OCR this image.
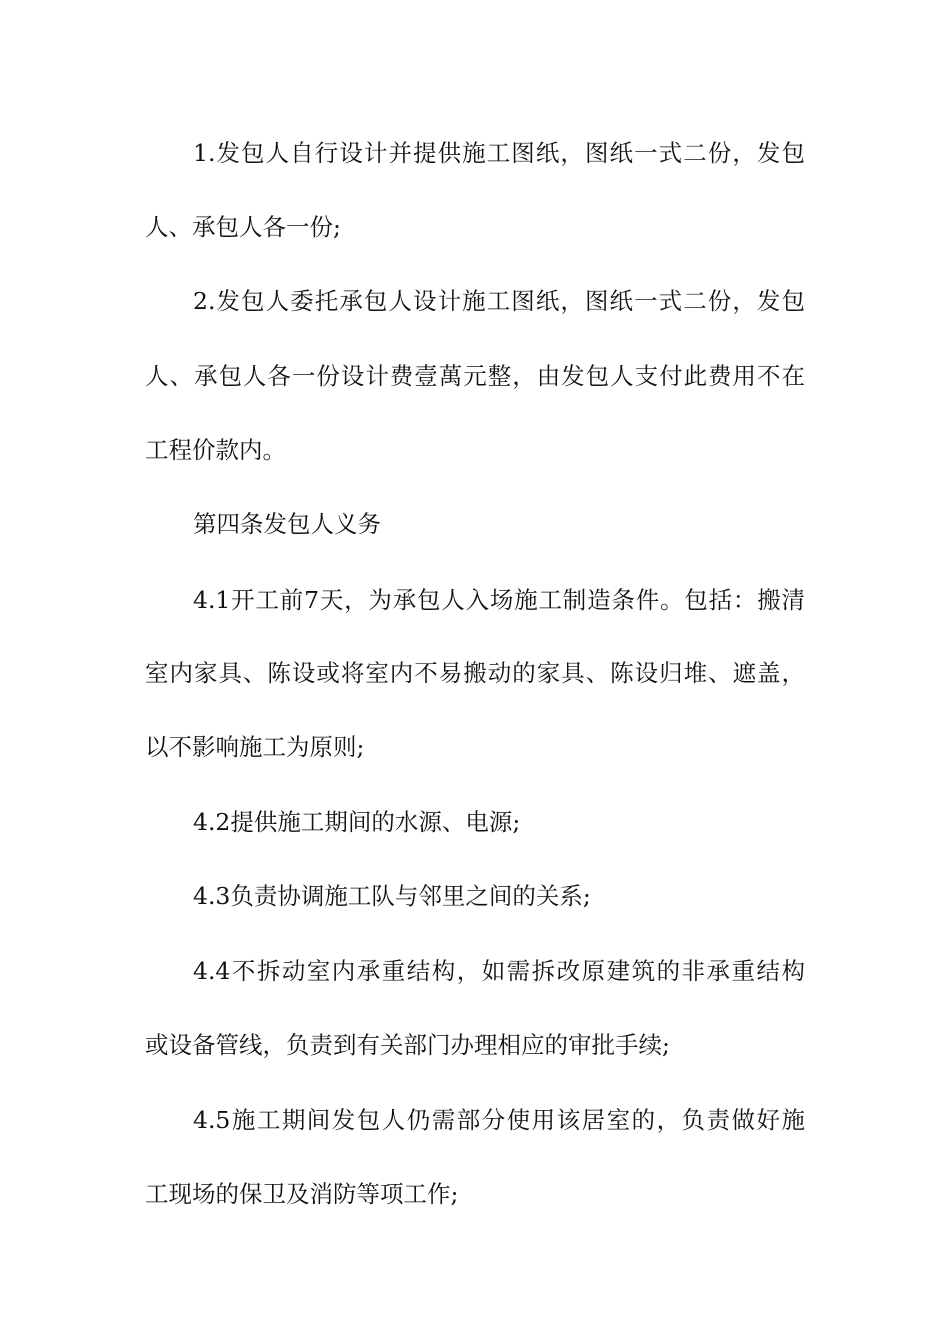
1.发包人自行设计并提供施工图纸，图纸一式二份，发包
人、承包人各一份;
2.发包人委托承包人设计施工图纸，图纸一式二份，发包
人、承包人各一份设计费壹萬元整，由发包人支付此费用不在
工程价款内。
第四条发包人义务
4.1开工前7天，为承包人入场施工制造条件。包括：搬清
室内家具、陈设或将室内不易搬动的家具、陈设归堆、遮盖，
以不影响施工为原则;
4.2提供施工期间的水源、电源;
4.3负责协调施工队与邻里之间的关系;
4.4不拆动室内承重结构，如需拆改原建筑的非承重结构
或设备管线，负责到有关部门办理相应的审批手续;
4.5施工期间发包人仍需部分使用该居室的，负责做好施
工现场的保卫及消防等项工作;
